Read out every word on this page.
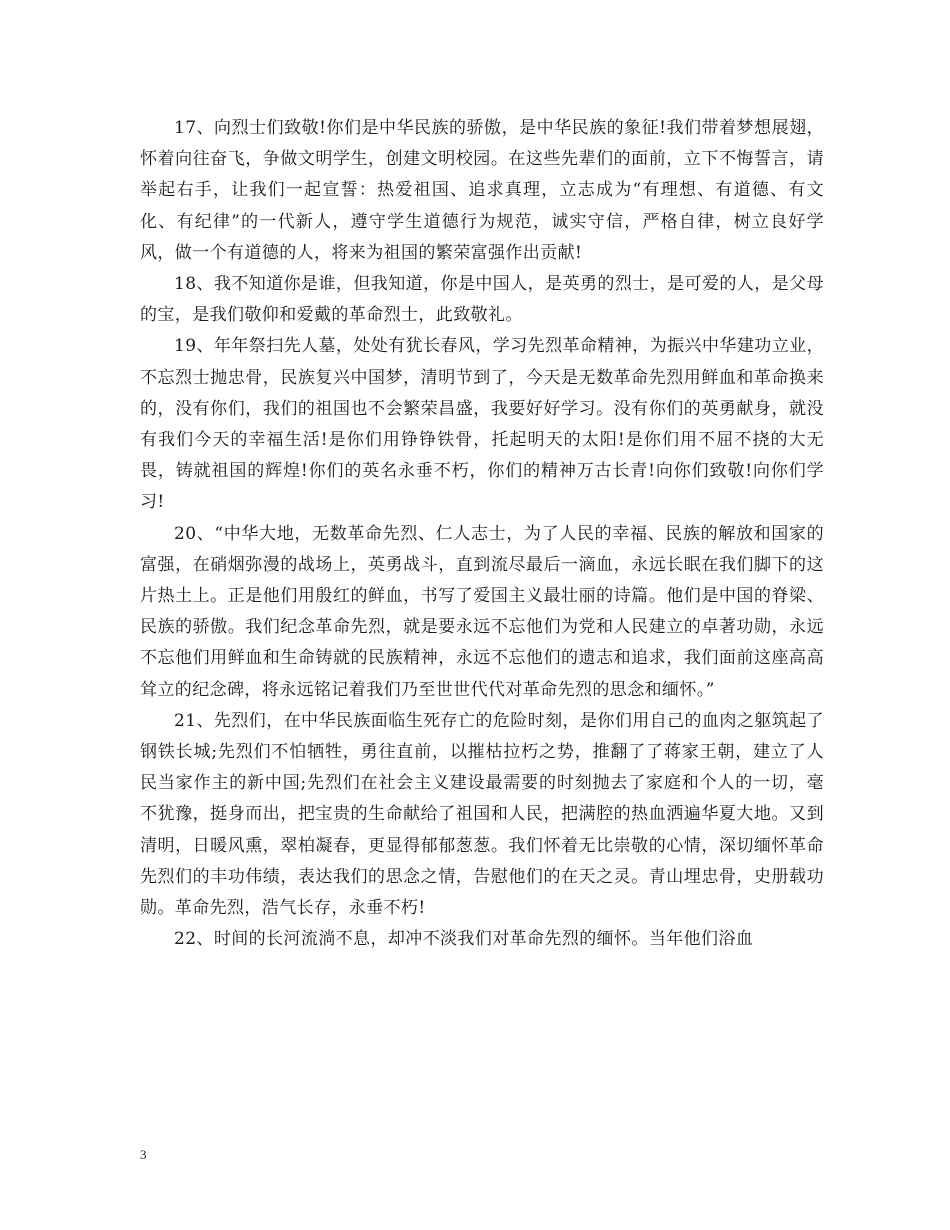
17、向烈士们致敬!你们是中华民族的骄傲，是中华民族的象征!我们带着梦想展翅，怀着向往奋飞，争做文明学生，创建文明校园。在这些先辈们的面前，立下不悔誓言，请举起右手，让我们一起宣誓：热爱祖国、追求真理，立志成为“有理想、有道德、有文化、有纪律”的一代新人，遵守学生道德行为规范，诚实守信，严格自律，树立良好学风，做一个有道德的人，将来为祖国的繁荣富强作出贡献!

18、我不知道你是谁，但我知道，你是中国人，是英勇的烈士，是可爱的人，是父母的宝，是我们敬仰和爱戴的革命烈士，此致敬礼。

19、年年祭扫先人墓，处处有犹长春风，学习先烈革命精神，为振兴中华建功立业，不忘烈士抛忠骨，民族复兴中国梦，清明节到了，今天是无数革命先烈用鲜血和革命换来的，没有你们，我们的祖国也不会繁荣昌盛，我要好好学习。没有你们的英勇献身，就没有我们今天的幸福生活!是你们用铮铮铁骨，托起明天的太阳!是你们用不屈不挠的大无畏，铸就祖国的辉煌!你们的英名永垂不朽，你们的精神万古长青!向你们致敬!向你们学习!

20、“中华大地，无数革命先烈、仁人志士，为了人民的幸福、民族的解放和国家的富强，在硝烟弥漫的战场上，英勇战斗，直到流尽最后一滴血，永远长眠在我们脚下的这片热土上。正是他们用殷红的鲜血，书写了爱国主义最壮丽的诗篇。他们是中国的脊梁、民族的骄傲。我们纪念革命先烈，就是要永远不忘他们为党和人民建立的卓著功勋，永远不忘他们用鲜血和生命铸就的民族精神，永远不忘他们的遗志和追求，我们面前这座高高耸立的纪念碑，将永远铭记着我们乃至世世代代对革命先烈的思念和缅怀。”

21、先烈们，在中华民族面临生死存亡的危险时刻，是你们用自己的血肉之躯筑起了钢铁长城;先烈们不怕牺牲，勇往直前，以摧枯拉朽之势，推翻了了蒋家王朝，建立了人民当家作主的新中国;先烈们在社会主义建设最需要的时刻抛去了家庭和个人的一切，毫不犹豫，挺身而出，把宝贵的生命献给了祖国和人民，把满腔的热血洒遍华夏大地。又到清明，日暖风熏，翠柏凝春，更显得郁郁葱葱。我们怀着无比崇敬的心情，深切缅怀革命先烈们的丰功伟绩，表达我们的思念之情，告慰他们的在天之灵。青山埋忠骨，史册载功勋。革命先烈，浩气长存，永垂不朽!

22、时间的长河流淌不息，却冲不淡我们对革命先烈的缅怀。当年他们浴血

3
